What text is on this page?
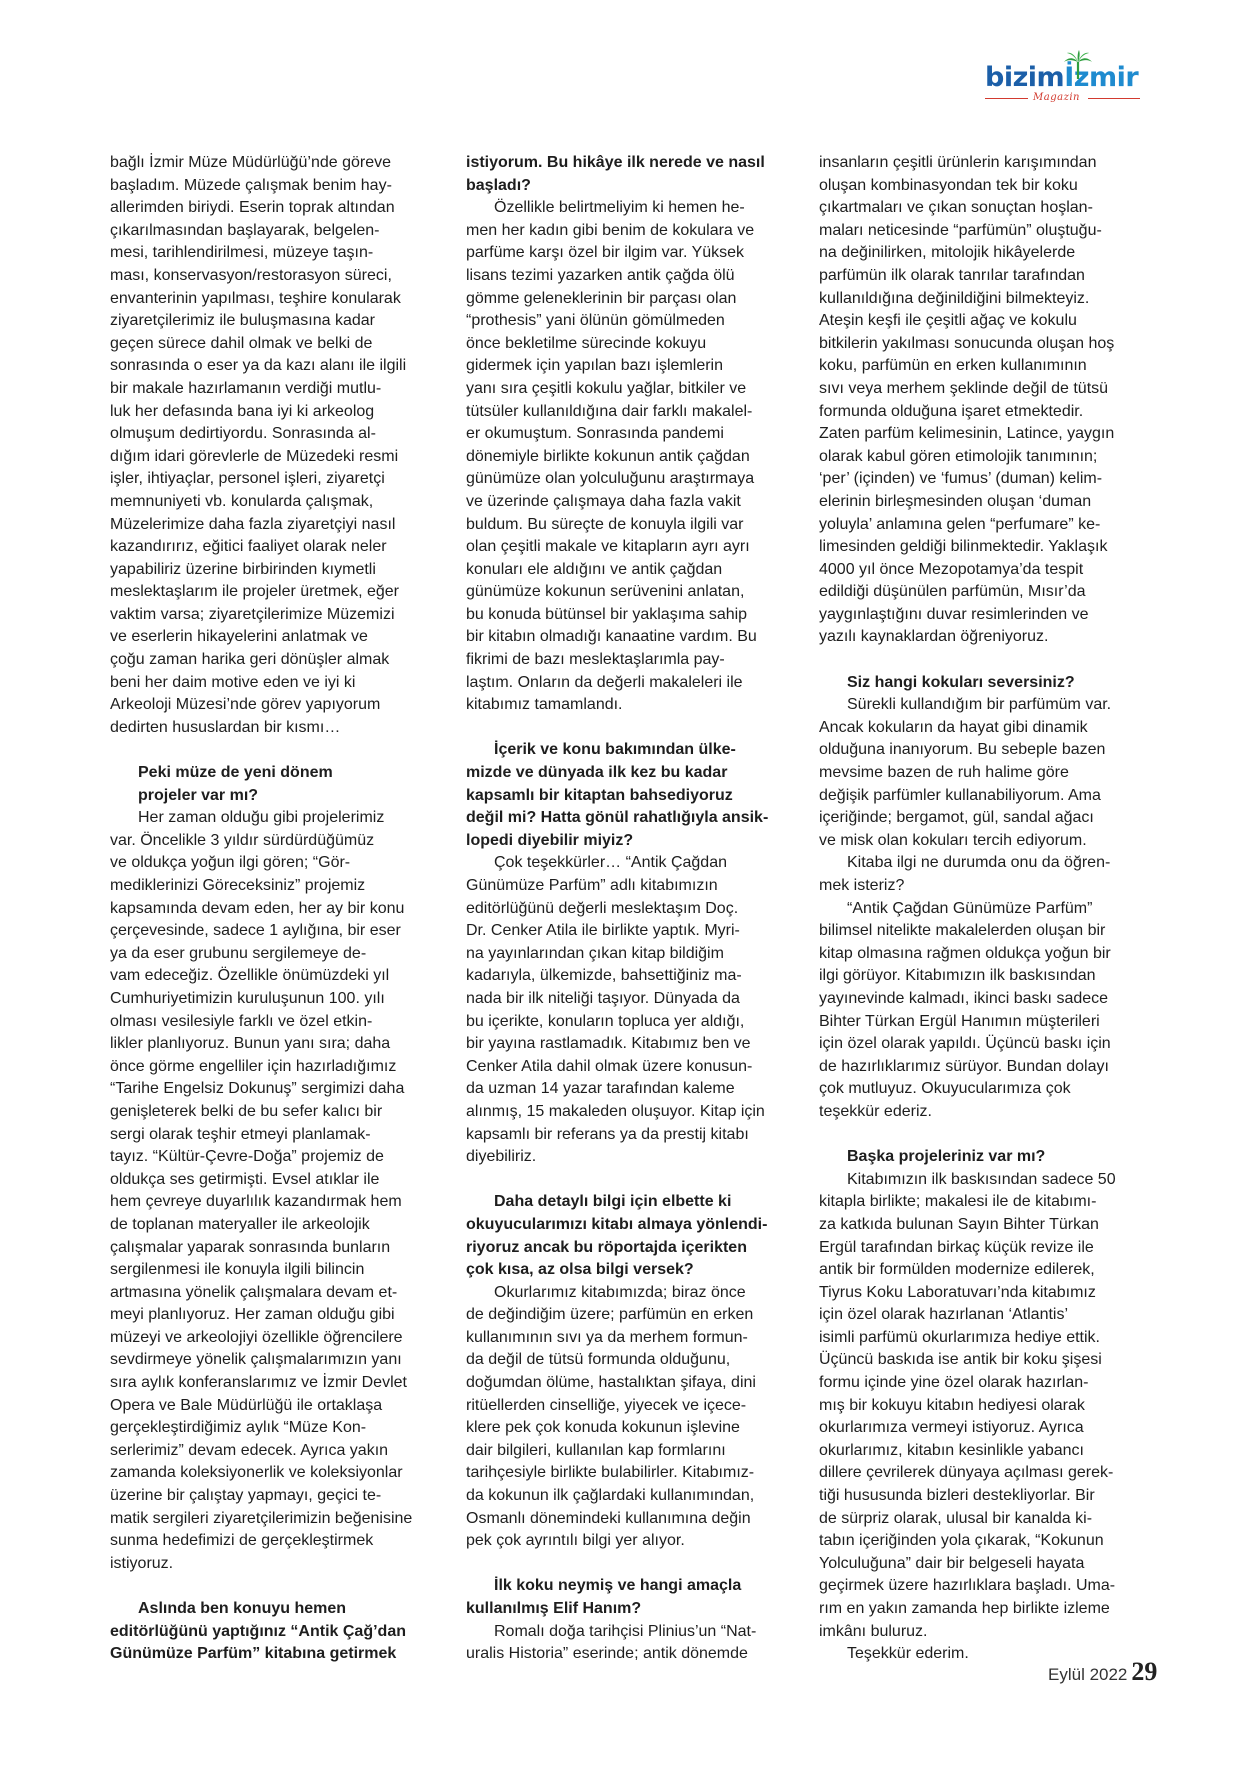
bizimİzmir
Magazin
bağlı İzmir Müze Müdürlüğü’nde göreve
başladım. Müzede çalışmak benim hay-
allerimden biriydi. Eserin toprak altından
çıkarılmasından başlayarak, belgelen-
mesi, tarihlendirilmesi, müzeye taşın-
ması, konservasyon/restorasyon süreci,
envanterinin yapılması, teşhire konularak
ziyaretçilerimiz ile buluşmasına kadar
geçen sürece dahil olmak ve belki de
sonrasında o eser ya da kazı alanı ile ilgili
bir makale hazırlamanın verdiği mutlu-
luk her defasında bana iyi ki arkeolog
olmuşum dedirtiyordu. Sonrasında al-
dığım idari görevlerle de Müzedeki resmi
işler, ihtiyaçlar, personel işleri, ziyaretçi
memnuniyeti vb. konularda çalışmak,
Müzelerimize daha fazla ziyaretçiyi nasıl
kazandırırız, eğitici faaliyet olarak neler
yapabiliriz üzerine birbirinden kıymetli
meslektaşlarım ile projeler üretmek, eğer
vaktim varsa; ziyaretçilerimize Müzemizi
ve eserlerin hikayelerini anlatmak ve
çoğu zaman harika geri dönüşler almak
beni her daim motive eden ve iyi ki
Arkeoloji Müzesi’nde görev yapıyorum
dedirten hususlardan bir kısmı…
Peki müze de yeni dönem
projeler var mı?
Her zaman olduğu gibi projelerimiz
var. Öncelikle 3 yıldır sürdürdüğümüz
ve oldukça yoğun ilgi gören; “Gör-
mediklerinizi Göreceksiniz” projemiz
kapsamında devam eden, her ay bir konu
çerçevesinde, sadece 1 aylığına, bir eser
ya da eser grubunu sergilemeye de-
vam edeceğiz. Özellikle önümüzdeki yıl
Cumhuriyetimizin kuruluşunun 100. yılı
olması vesilesiyle farklı ve özel etkin-
likler planlıyoruz. Bunun yanı sıra; daha
önce görme engelliler için hazırladığımız
“Tarihe Engelsiz Dokunuş” sergimizi daha
genişleterek belki de bu sefer kalıcı bir
sergi olarak teşhir etmeyi planlamak-
tayız. “Kültür-Çevre-Doğa” projemiz de
oldukça ses getirmişti. Evsel atıklar ile
hem çevreye duyarlılık kazandırmak hem
de toplanan materyaller ile arkeolojik
çalışmalar yaparak sonrasında bunların
sergilenmesi ile konuyla ilgili bilincin
artmasına yönelik çalışmalara devam et-
meyi planlıyoruz. Her zaman olduğu gibi
müzeyi ve arkeolojiyi özellikle öğrencilere
sevdirmeye yönelik çalışmalarımızın yanı
sıra aylık konferanslarımız ve İzmir Devlet
Opera ve Bale Müdürlüğü ile ortaklaşa
gerçekleştirdiğimiz aylık “Müze Kon-
serlerimiz” devam edecek. Ayrıca yakın
zamanda koleksiyonerlik ve koleksiyonlar
üzerine bir çalıştay yapmayı, geçici te-
matik sergileri ziyaretçilerimizin beğenisine
sunma hedefimizi de gerçekleştirmek
istiyoruz.
Aslında ben konuyu hemen
editörlüğünü yaptığınız “Antik Çağ’dan
Günümüze Parfüm” kitabına getirmek
istiyorum. Bu hikâye ilk nerede ve nasıl
başladı?
Özellikle belirtmeliyim ki hemen he-
men her kadın gibi benim de kokulara ve
parfüme karşı özel bir ilgim var. Yüksek
lisans tezimi yazarken antik çağda ölü
gömme geleneklerinin bir parçası olan
“prothesis” yani ölünün gömülmeden
önce bekletilme sürecinde kokuyu
gidermek için yapılan bazı işlemlerin
yanı sıra çeşitli kokulu yağlar, bitkiler ve
tütsüler kullanıldığına dair farklı makalel-
er okumuştum. Sonrasında pandemi
dönemiyle birlikte kokunun antik çağdan
günümüze olan yolculuğunu araştırmaya
ve üzerinde çalışmaya daha fazla vakit
buldum. Bu süreçte de konuyla ilgili var
olan çeşitli makale ve kitapların ayrı ayrı
konuları ele aldığını ve antik çağdan
günümüze kokunun serüvenini anlatan,
bu konuda bütünsel bir yaklaşıma sahip
bir kitabın olmadığı kanaatine vardım. Bu
fikrimi de bazı meslektaşlarımla pay-
laştım. Onların da değerli makaleleri ile
kitabımız tamamlandı.
İçerik ve konu bakımından ülke-
mizde ve dünyada ilk kez bu kadar
kapsamlı bir kitaptan bahsediyoruz
değil mi? Hatta gönül rahatlığıyla ansik-
lopedi diyebilir miyiz?
Çok teşekkürler… “Antik Çağdan
Günümüze Parfüm” adlı kitabımızın
editörlüğünü değerli meslektaşım Doç.
Dr. Cenker Atila ile birlikte yaptık. Myri-
na yayınlarından çıkan kitap bildiğim
kadarıyla, ülkemizde, bahsettiğiniz ma-
nada bir ilk niteliği taşıyor. Dünyada da
bu içerikte, konuların topluca yer aldığı,
bir yayına rastlamadık. Kitabımız ben ve
Cenker Atila dahil olmak üzere konusun-
da uzman 14 yazar tarafından kaleme
alınmış, 15 makaleden oluşuyor. Kitap için
kapsamlı bir referans ya da prestij kitabı
diyebiliriz.
Daha detaylı bilgi için elbette ki
okuyucularımızı kitabı almaya yönlendi-
riyoruz ancak bu röportajda içerikten
çok kısa, az olsa bilgi versek?
Okurlarımız kitabımızda; biraz önce
de değindiğim üzere; parfümün en erken
kullanımının sıvı ya da merhem formun-
da değil de tütsü formunda olduğunu,
doğumdan ölüme, hastalıktan şifaya, dini
ritüellerden cinselliğe, yiyecek ve içece-
klere pek çok konuda kokunun işlevine
dair bilgileri, kullanılan kap formlarını
tarihçesiyle birlikte bulabilirler. Kitabımız-
da kokunun ilk çağlardaki kullanımından,
Osmanlı dönemindeki kullanımına değin
pek çok ayrıntılı bilgi yer alıyor.
İlk koku neymiş ve hangi amaçla
kullanılmış Elif Hanım?
Romalı doğa tarihçisi Plinius’un “Nat-
uralis Historia” eserinde; antik dönemde
insanların çeşitli ürünlerin karışımından
oluşan kombinasyondan tek bir koku
çıkartmaları ve çıkan sonuçtan hoşlan-
maları neticesinde “parfümün” oluştuğu-
na değinilirken, mitolojik hikâyelerde
parfümün ilk olarak tanrılar tarafından
kullanıldığına değinildiğini bilmekteyiz.
Ateşin keşfi ile çeşitli ağaç ve kokulu
bitkilerin yakılması sonucunda oluşan hoş
koku, parfümün en erken kullanımının
sıvı veya merhem şeklinde değil de tütsü
formunda olduğuna işaret etmektedir.
Zaten parfüm kelimesinin, Latince, yaygın
olarak kabul gören etimolojik tanımının;
‘per’ (içinden) ve ‘fumus’ (duman) kelim-
elerinin birleşmesinden oluşan ‘duman
yoluyla’ anlamına gelen “perfumare” ke-
limesinden geldiği bilinmektedir. Yaklaşık
4000 yıl önce Mezopotamya’da tespit
edildiği düşünülen parfümün, Mısır’da
yaygınlaştığını duvar resimlerinden ve
yazılı kaynaklardan öğreniyoruz.
Siz hangi kokuları seversiniz?
Sürekli kullandığım bir parfümüm var.
Ancak kokuların da hayat gibi dinamik
olduğuna inanıyorum. Bu sebeple bazen
mevsime bazen de ruh halime göre
değişik parfümler kullanabiliyorum. Ama
içeriğinde; bergamot, gül, sandal ağacı
ve misk olan kokuları tercih ediyorum.
Kitaba ilgi ne durumda onu da öğren-
mek isteriz?
“Antik Çağdan Günümüze Parfüm”
bilimsel nitelikte makalelerden oluşan bir
kitap olmasına rağmen oldukça yoğun bir
ilgi görüyor. Kitabımızın ilk baskısından
yayınevinde kalmadı, ikinci baskı sadece
Bihter Türkan Ergül Hanımın müşterileri
için özel olarak yapıldı. Üçüncü baskı için
de hazırlıklarımız sürüyor. Bundan dolayı
çok mutluyuz. Okuyucularımıza çok
teşekkür ederiz.
Başka projeleriniz var mı?
Kitabımızın ilk baskısından sadece 50
kitapla birlikte; makalesi ile de kitabımı-
za katkıda bulunan Sayın Bihter Türkan
Ergül tarafından birkaç küçük revize ile
antik bir formülden modernize edilerek,
Tiyrus Koku Laboratuvarı’nda kitabımız
için özel olarak hazırlanan ‘Atlantis’
isimli parfümü okurlarımıza hediye ettik.
Üçüncü baskıda ise antik bir koku şişesi
formu içinde yine özel olarak hazırlan-
mış bir kokuyu kitabın hediyesi olarak
okurlarımıza vermeyi istiyoruz. Ayrıca
okurlarımız, kitabın kesinlikle yabancı
dillere çevrilerek dünyaya açılması gerek-
tiği hususunda bizleri destekliyorlar. Bir
de sürpriz olarak, ulusal bir kanalda ki-
tabın içeriğinden yola çıkarak, “Kokunun
Yolculuğuna” dair bir belgeseli hayata
geçirmek üzere hazırlıklara başladı. Uma-
rım en yakın zamanda hep birlikte izleme
imkânı buluruz.
Teşekkür ederim.
Eylül 2022 29
